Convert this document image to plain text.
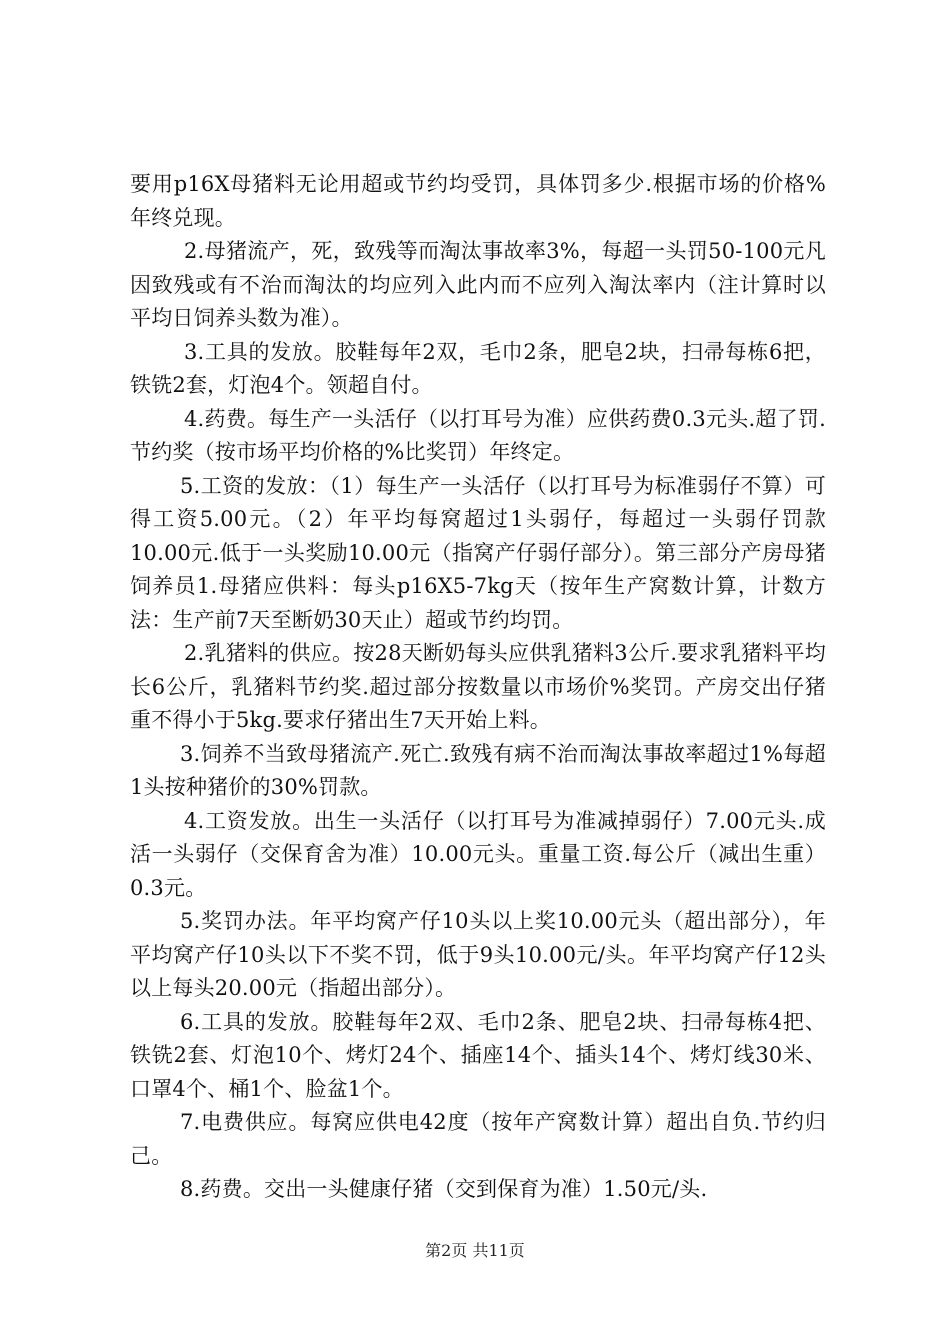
要用p16X母猪料无论用超或节约均受罚，具体罚多少.根据市场的价格%年终兑现。

2.母猪流产，死，致残等而淘汰事故率3%，每超一头罚50-100元凡因致残或有不治而淘汰的均应列入此内而不应列入淘汰率内（注计算时以平均日饲养头数为准）。

3.工具的发放。胶鞋每年2双，毛巾2条，肥皂2块，扫帚每栋6把，铁铣2套，灯泡4个。领超自付。

4.药费。每生产一头活仔（以打耳号为准）应供药费0.3元头.超了罚.节约奖（按市场平均价格的%比奖罚）年终定。

5.工资的发放：（1）每生产一头活仔（以打耳号为标准弱仔不算）可得工资5.00元。（2）年平均每窝超过1头弱仔，每超过一头弱仔罚款10.00元.低于一头奖励10.00元（指窝产仔弱仔部分）。第三部分产房母猪饲养员1.母猪应供料：每头p16X5-7kg天（按年生产窝数计算，计数方法：生产前7天至断奶30天止）超或节约均罚。

2.乳猪料的供应。按28天断奶每头应供乳猪料3公斤.要求乳猪料平均长6公斤，乳猪料节约奖.超过部分按数量以市场价%奖罚。产房交出仔猪重不得小于5kg.要求仔猪出生7天开始上料。

3.饲养不当致母猪流产.死亡.致残有病不治而淘汰事故率超过1%每超1头按种猪价的30%罚款。

4.工资发放。出生一头活仔（以打耳号为准减掉弱仔）7.00元头.成活一头弱仔（交保育舍为准）10.00元头。重量工资.每公斤（减出生重）0.3元。

5.奖罚办法。年平均窝产仔10头以上奖10.00元头（超出部分），年平均窝产仔10头以下不奖不罚，低于9头10.00元/头。年平均窝产仔12头以上每头20.00元（指超出部分）。

6.工具的发放。胶鞋每年2双、毛巾2条、肥皂2块、扫帚每栋4把、铁铣2套、灯泡10个、烤灯24个、插座14个、插头14个、烤灯线30米、口罩4个、桶1个、脸盆1个。

7.电费供应。每窝应供电42度（按年产窝数计算）超出自负.节约归己。

8.药费。交出一头健康仔猪（交到保育为准）1.50元/头.

第2页 共11页
